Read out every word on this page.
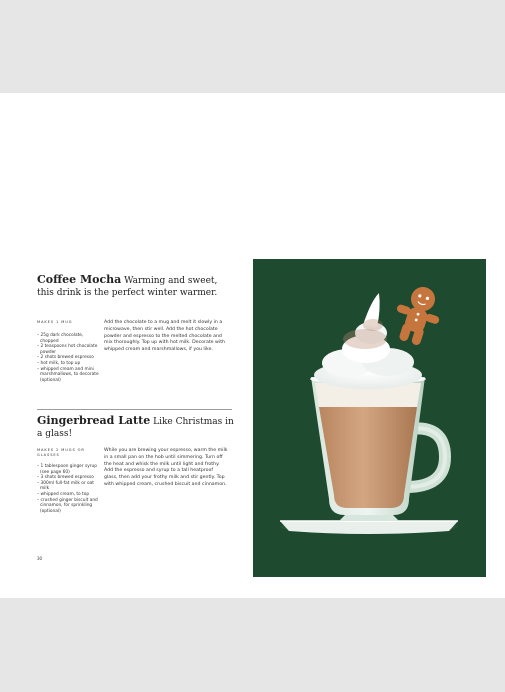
Coffee Mocha Warming and sweet, this drink is the perfect winter warmer.

MAKES 1 MUG
– 25g dark chocolate, chopped
– 2 teaspoons hot chocolate powder
– 2 shots brewed espresso
– hot milk, to top up
– whipped cream and mini marshmallows, to decorate (optional)

Add the chocolate to a mug and melt it slowly in a microwave, then stir well. Add the hot chocolate powder and espresso to the melted chocolate and mix thoroughly. Top up with hot milk. Decorate with whipped cream and marshmallows, if you like.

Gingerbread Latte Like Christmas in a glass!

MAKES 2 MUGS OR GLASSES
– 1 tablespoon ginger syrup (see page 60)
– 3 shots brewed espresso
– 300ml full-fat milk or oat milk
– whipped cream, to top
– crushed ginger biscuit and cinnamon, for sprinkling (optional)

While you are brewing your espresso, warm the milk in a small pan on the hob until simmering. Turn off the heat and whisk the milk until light and frothy. Add the espresso and syrup to a tall heatproof glass, then add your frothy milk and stir gently. Top with whipped cream, crushed biscuit and cinnamon.

30
